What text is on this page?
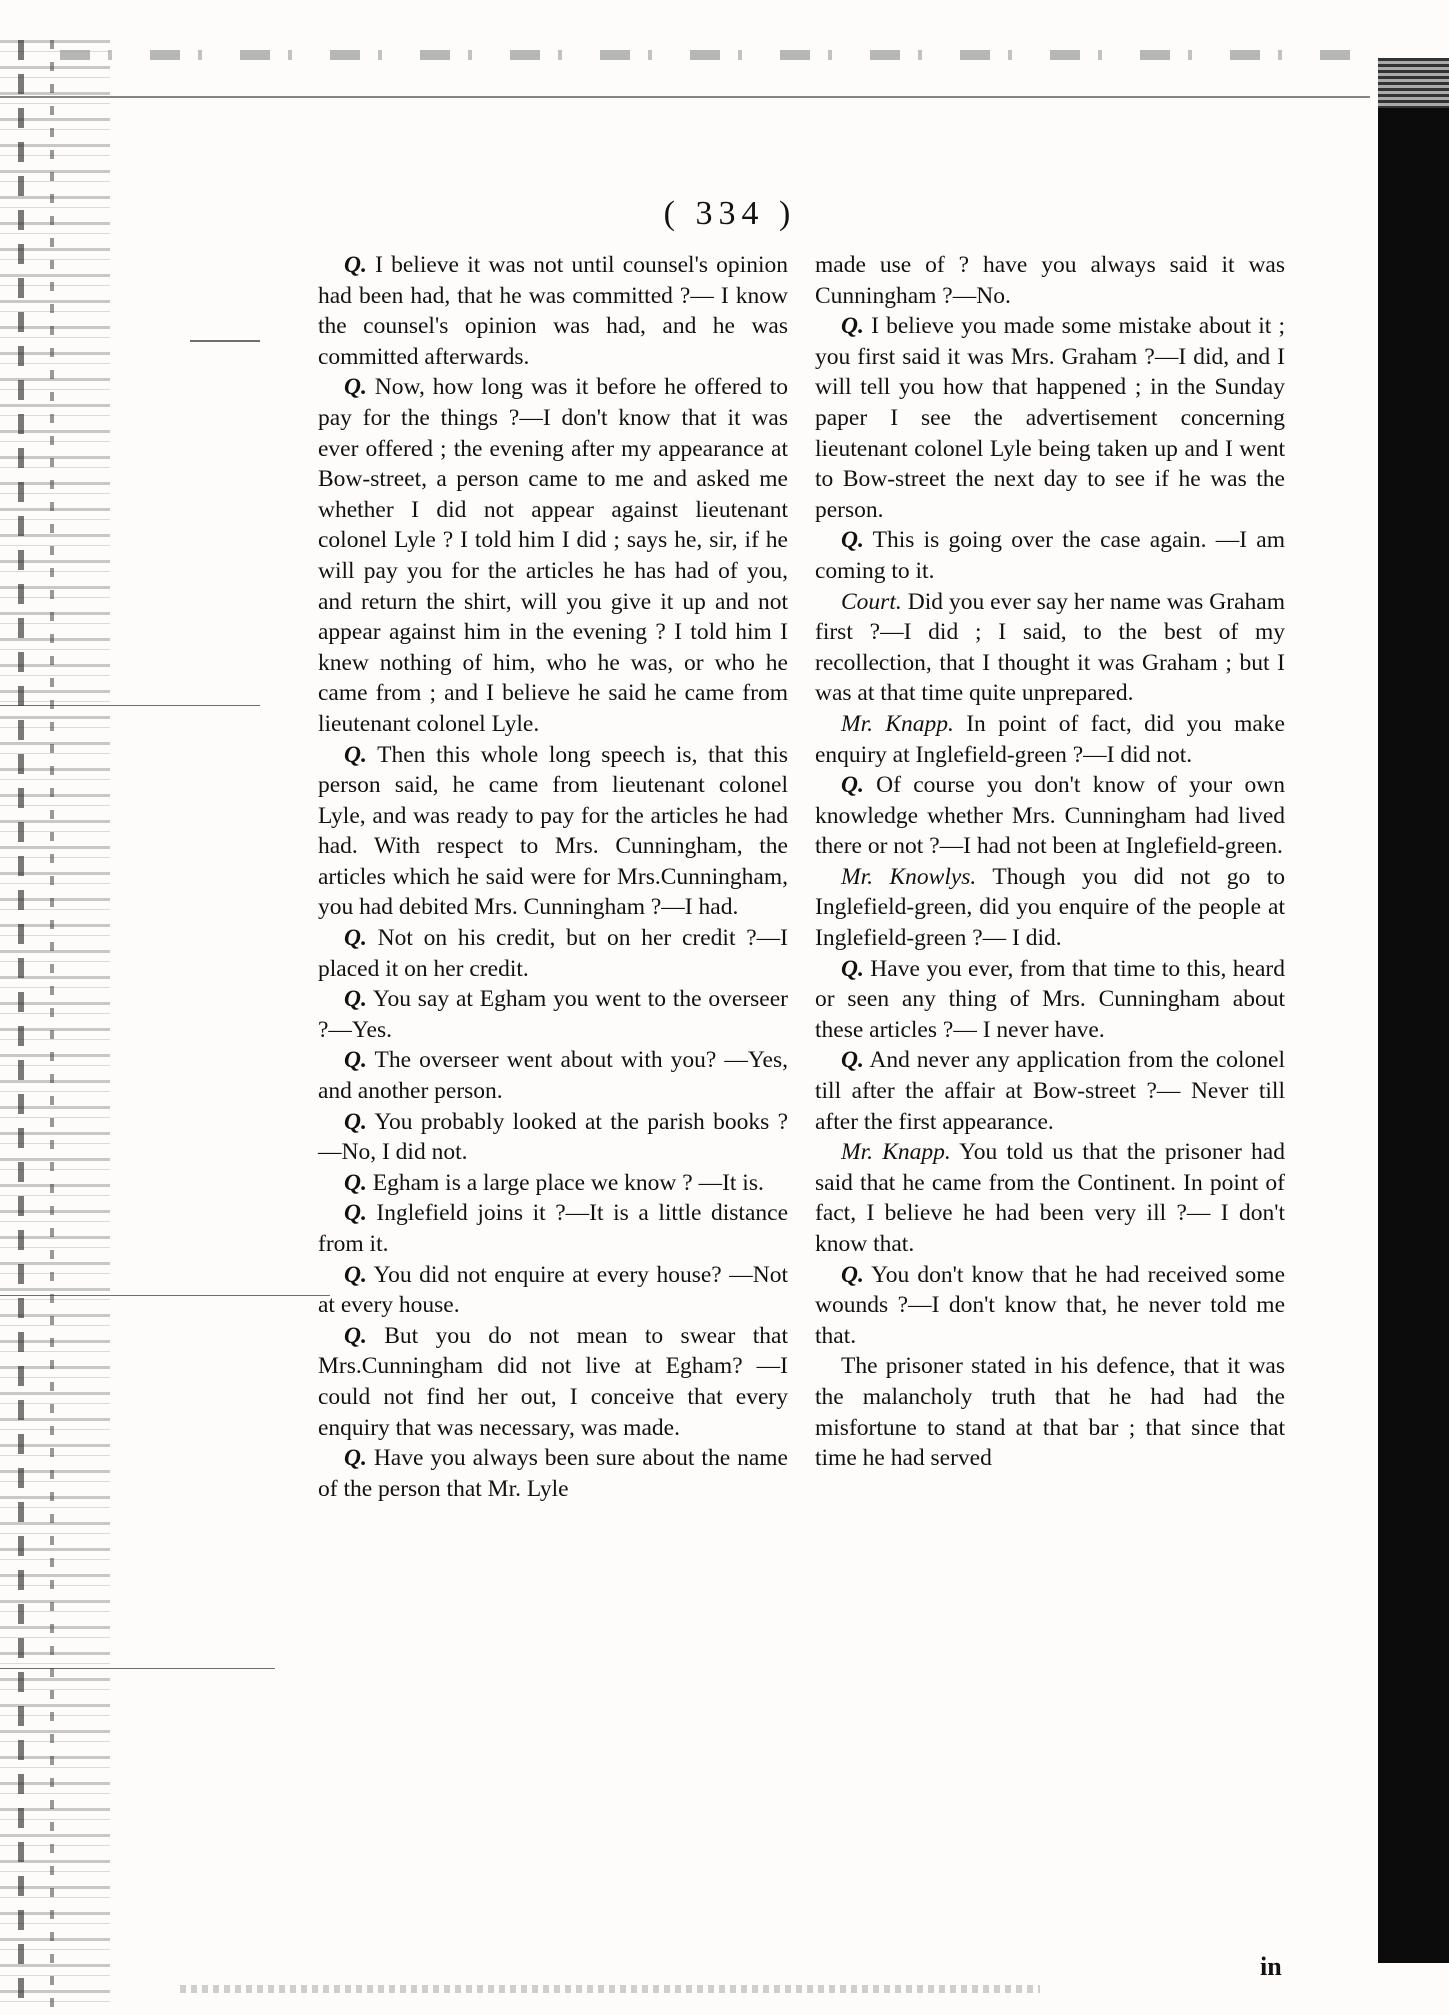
( 334 )

Q. I believe it was not until counsel's opinion had been had, that he was committed ?— I know the counsel's opinion was had, and he was committed afterwards.

Q. Now, how long was it before he offered to pay for the things ?—I don't know that it was ever offered ; the evening after my appearance at Bow-street, a person came to me and asked me whether I did not appear against lieutenant colonel Lyle ? I told him I did ; says he, sir, if he will pay you for the articles he has had of you, and return the shirt, will you give it up and not appear against him in the evening ? I told him I knew nothing of him, who he was, or who he came from ; and I believe he said he came from lieutenant colonel Lyle.

Q. Then this whole long speech is, that this person said, he came from lieutenant colonel Lyle, and was ready to pay for the articles he had had. With respect to Mrs. Cunningham, the articles which he said were for Mrs.Cunningham, you had debited Mrs. Cunningham ?—I had.

Q. Not on his credit, but on her credit ?—I placed it on her credit.

Q. You say at Egham you went to the overseer ?—Yes.

Q. The overseer went about with you? —Yes, and another person.

Q. You probably looked at the parish books ?—No, I did not.

Q. Egham is a large place we know ? —It is.

Q. Inglefield joins it ?—It is a little distance from it.

Q. You did not enquire at every house? —Not at every house.

Q. But you do not mean to swear that Mrs.Cunningham did not live at Egham? —I could not find her out, I conceive that every enquiry that was necessary, was made.

Q. Have you always been sure about the name of the person that Mr. Lyle

made use of ? have you always said it was Cunningham ?—No.

Q. I believe you made some mistake about it ; you first said it was Mrs. Graham ?—I did, and I will tell you how that happened ; in the Sunday paper I see the advertisement concerning lieutenant colonel Lyle being taken up and I went to Bow-street the next day to see if he was the person.

Q. This is going over the case again. —I am coming to it.

Court. Did you ever say her name was Graham first ?—I did ; I said, to the best of my recollection, that I thought it was Graham ; but I was at that time quite unprepared.

Mr. Knapp. In point of fact, did you make enquiry at Inglefield-green ?—I did not.

Q. Of course you don't know of your own knowledge whether Mrs. Cunningham had lived there or not ?—I had not been at Inglefield-green.

Mr. Knowlys. Though you did not go to Inglefield-green, did you enquire of the people at Inglefield-green ?— I did.

Q. Have you ever, from that time to this, heard or seen any thing of Mrs. Cunningham about these articles ?— I never have.

Q. And never any application from the colonel till after the affair at Bow-street ?— Never till after the first appearance.

Mr. Knapp. You told us that the prisoner had said that he came from the Continent. In point of fact, I believe he had been very ill ?— I don't know that.

Q. You don't know that he had received some wounds ?—I don't know that, he never told me that.

The prisoner stated in his defence, that it was the malancholy truth that he had had the misfortune to stand at that bar ; that since that time he had served

in
